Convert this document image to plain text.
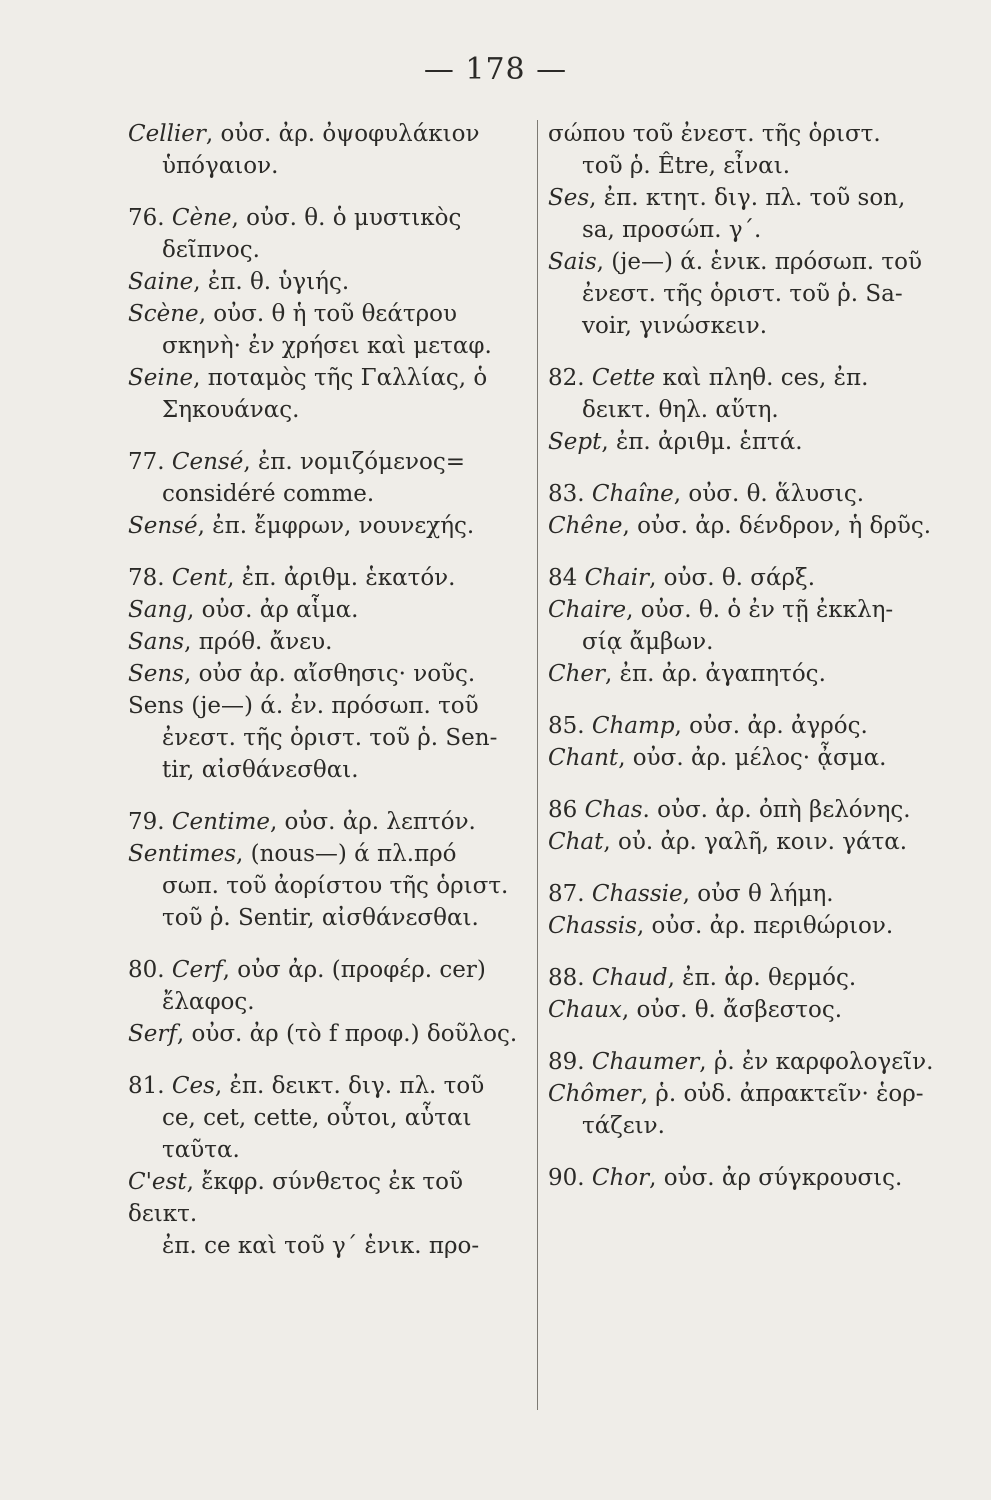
— 178 —
Cellier, οὐσ. ἀρ. ὀψοφυλάκιον
ὑπόγαιον.
76. Cène, οὐσ. θ. ὁ μυστικὸς
δεῖπνος.
Saine, ἐπ. θ. ὑγιής.
Scène, οὐσ. θ ἡ τοῦ θεάτρου
σκηνὴ· ἐν χρήσει καὶ μεταφ.
Seine, ποταμὸς τῆς Γαλλίας, ὁ
Σηκουάνας.
77. Censé, ἐπ. νομιζόμενος=
considéré comme.
Sensé, ἐπ. ἔμφρων, νουνεχής.
78. Cent, ἐπ. ἀριθμ. ἑκατόν.
Sang, οὐσ. ἀρ αἷμα.
Sans, πρόθ. ἄνευ.
Sens, οὐσ ἀρ. αἴσθησις· νοῦς.
Sens (je—) ά. ἐν. πρόσωπ. τοῦ
ἐνεστ. τῆς ὁριστ. τοῦ ῥ. Sen-
tir, αἰσθάνεσθαι.
79. Centime, οὐσ. ἀρ. λεπτόν.
Sentimes, (nous—) ά πλ.πρό
σωπ. τοῦ ἀορίστου τῆς ὁριστ.
τοῦ ῥ. Sentir, αἰσθάνεσθαι.
80. Cerf, οὐσ ἀρ. (προφέρ. cer)
ἔλαφος.
Serf, οὐσ. ἀρ (τὸ f προφ.) δοῦλος.
81. Ces, ἐπ. δεικτ. διγ. πλ. τοῦ
ce, cet, cette, οὗτοι, αὗται
ταῦτα.
C'est, ἔκφρ. σύνθετος ἐκ τοῦ δεικτ.
ἐπ. ce καὶ τοῦ γ΄ ἑνικ. προ-
σώπου τοῦ ἐνεστ. τῆς ὁριστ.
τοῦ ῥ. Être, εἶναι.
Ses, ἐπ. κτητ. διγ. πλ. τοῦ son,
sa, προσώπ. γ΄.
Sais, (je—) ά. ἑνικ. πρόσωπ. τοῦ
ἐνεστ. τῆς ὁριστ. τοῦ ῥ. Sa-
voir, γινώσκειν.
82. Cette καὶ πληθ. ces, ἐπ.
δεικτ. θηλ. αὕτη.
Sept, ἐπ. ἀριθμ. ἑπτά.
83. Chaîne, οὐσ. θ. ἅλυσις.
Chêne, οὐσ. ἀρ. δένδρον, ἡ δρῦς.
84 Chair, οὐσ. θ. σάρξ.
Chaire, οὐσ. θ. ὁ ἐν τῇ ἐκκλη-
σίᾳ ἄμβων.
Cher, ἐπ. ἀρ. ἀγαπητός.
85. Champ, οὐσ. ἀρ. ἀγρός.
Chant, οὐσ. ἀρ. μέλος· ᾆσμα.
86 Chas. οὐσ. ἀρ. ὀπὴ βελόνης.
Chat, οὐ. ἀρ. γαλῆ, κοιν. γάτα.
87. Chassie, οὐσ θ λήμη.
Chassis, οὐσ. ἀρ. περιθώριον.
88. Chaud, ἐπ. ἀρ. θερμός.
Chaux, οὐσ. θ. ἄσβεστος.
89. Chaumer, ῥ. ἐν καρφολογεῖν.
Chômer, ῥ. οὐδ. ἀπρακτεῖν· ἑορ-
τάζειν.
90. Chor, οὐσ. ἀρ σύγκρουσις.
